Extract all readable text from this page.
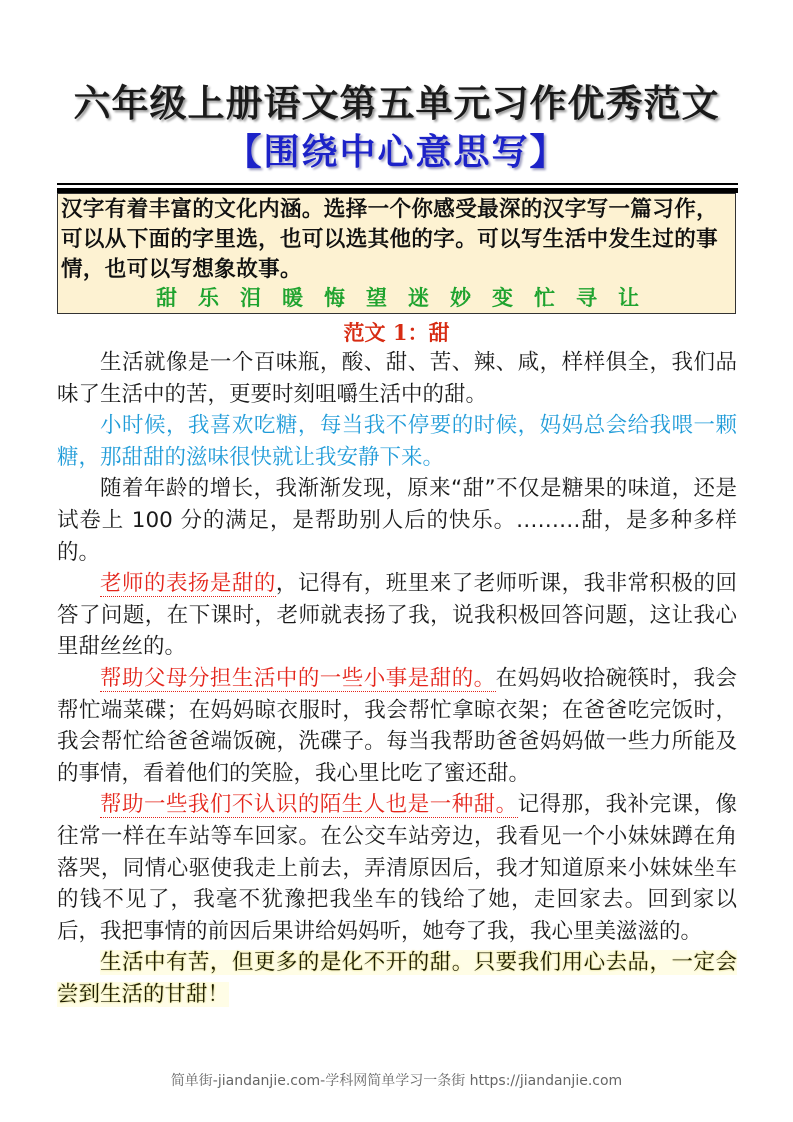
六年级上册语文第五单元习作优秀范文
【围绕中心意思写】
汉字有着丰富的文化内涵。选择一个你感受最深的汉字写一篇习作，可以从下面的字里选，也可以选其他的字。可以写生活中发生过的事情，也可以写想象故事。
甜 乐 泪 暖 悔 望 迷 妙 变 忙 寻 让
范文 1：甜

生活就像是一个百味瓶，酸、甜、苦、辣、咸，样样俱全，我们品味了生活中的苦，更要时刻咀嚼生活中的甜。

小时候，我喜欢吃糖，每当我不停要的时候，妈妈总会给我喂一颗糖，那甜甜的滋味很快就让我安静下来。

随着年龄的增长，我渐渐发现，原来“甜”不仅是糖果的味道，还是试卷上 100 分的满足，是帮助别人后的快乐。………甜，是多种多样的。

老师的表扬是甜的，记得有，班里来了老师听课，我非常积极的回答了问题，在下课时，老师就表扬了我，说我积极回答问题，这让我心里甜丝丝的。

帮助父母分担生活中的一些小事是甜的。在妈妈收拾碗筷时，我会帮忙端菜碟；在妈妈晾衣服时，我会帮忙拿晾衣架；在爸爸吃完饭时，我会帮忙给爸爸端饭碗，洗碟子。每当我帮助爸爸妈妈做一些力所能及的事情，看着他们的笑脸，我心里比吃了蜜还甜。

帮助一些我们不认识的陌生人也是一种甜。记得那，我补完课，像往常一样在车站等车回家。在公交车站旁边，我看见一个小妹妹蹲在角落哭，同情心驱使我走上前去，弄清原因后，我才知道原来小妹妹坐车的钱不见了，我毫不犹豫把我坐车的钱给了她，走回家去。回到家以后，我把事情的前因后果讲给妈妈听，她夸了我，我心里美滋滋的。

生活中有苦，但更多的是化不开的甜。只要我们用心去品，一定会尝到生活的甘甜！

简单街-jiandanjie.com-学科网简单学习一条街 https://jiandanjie.com
